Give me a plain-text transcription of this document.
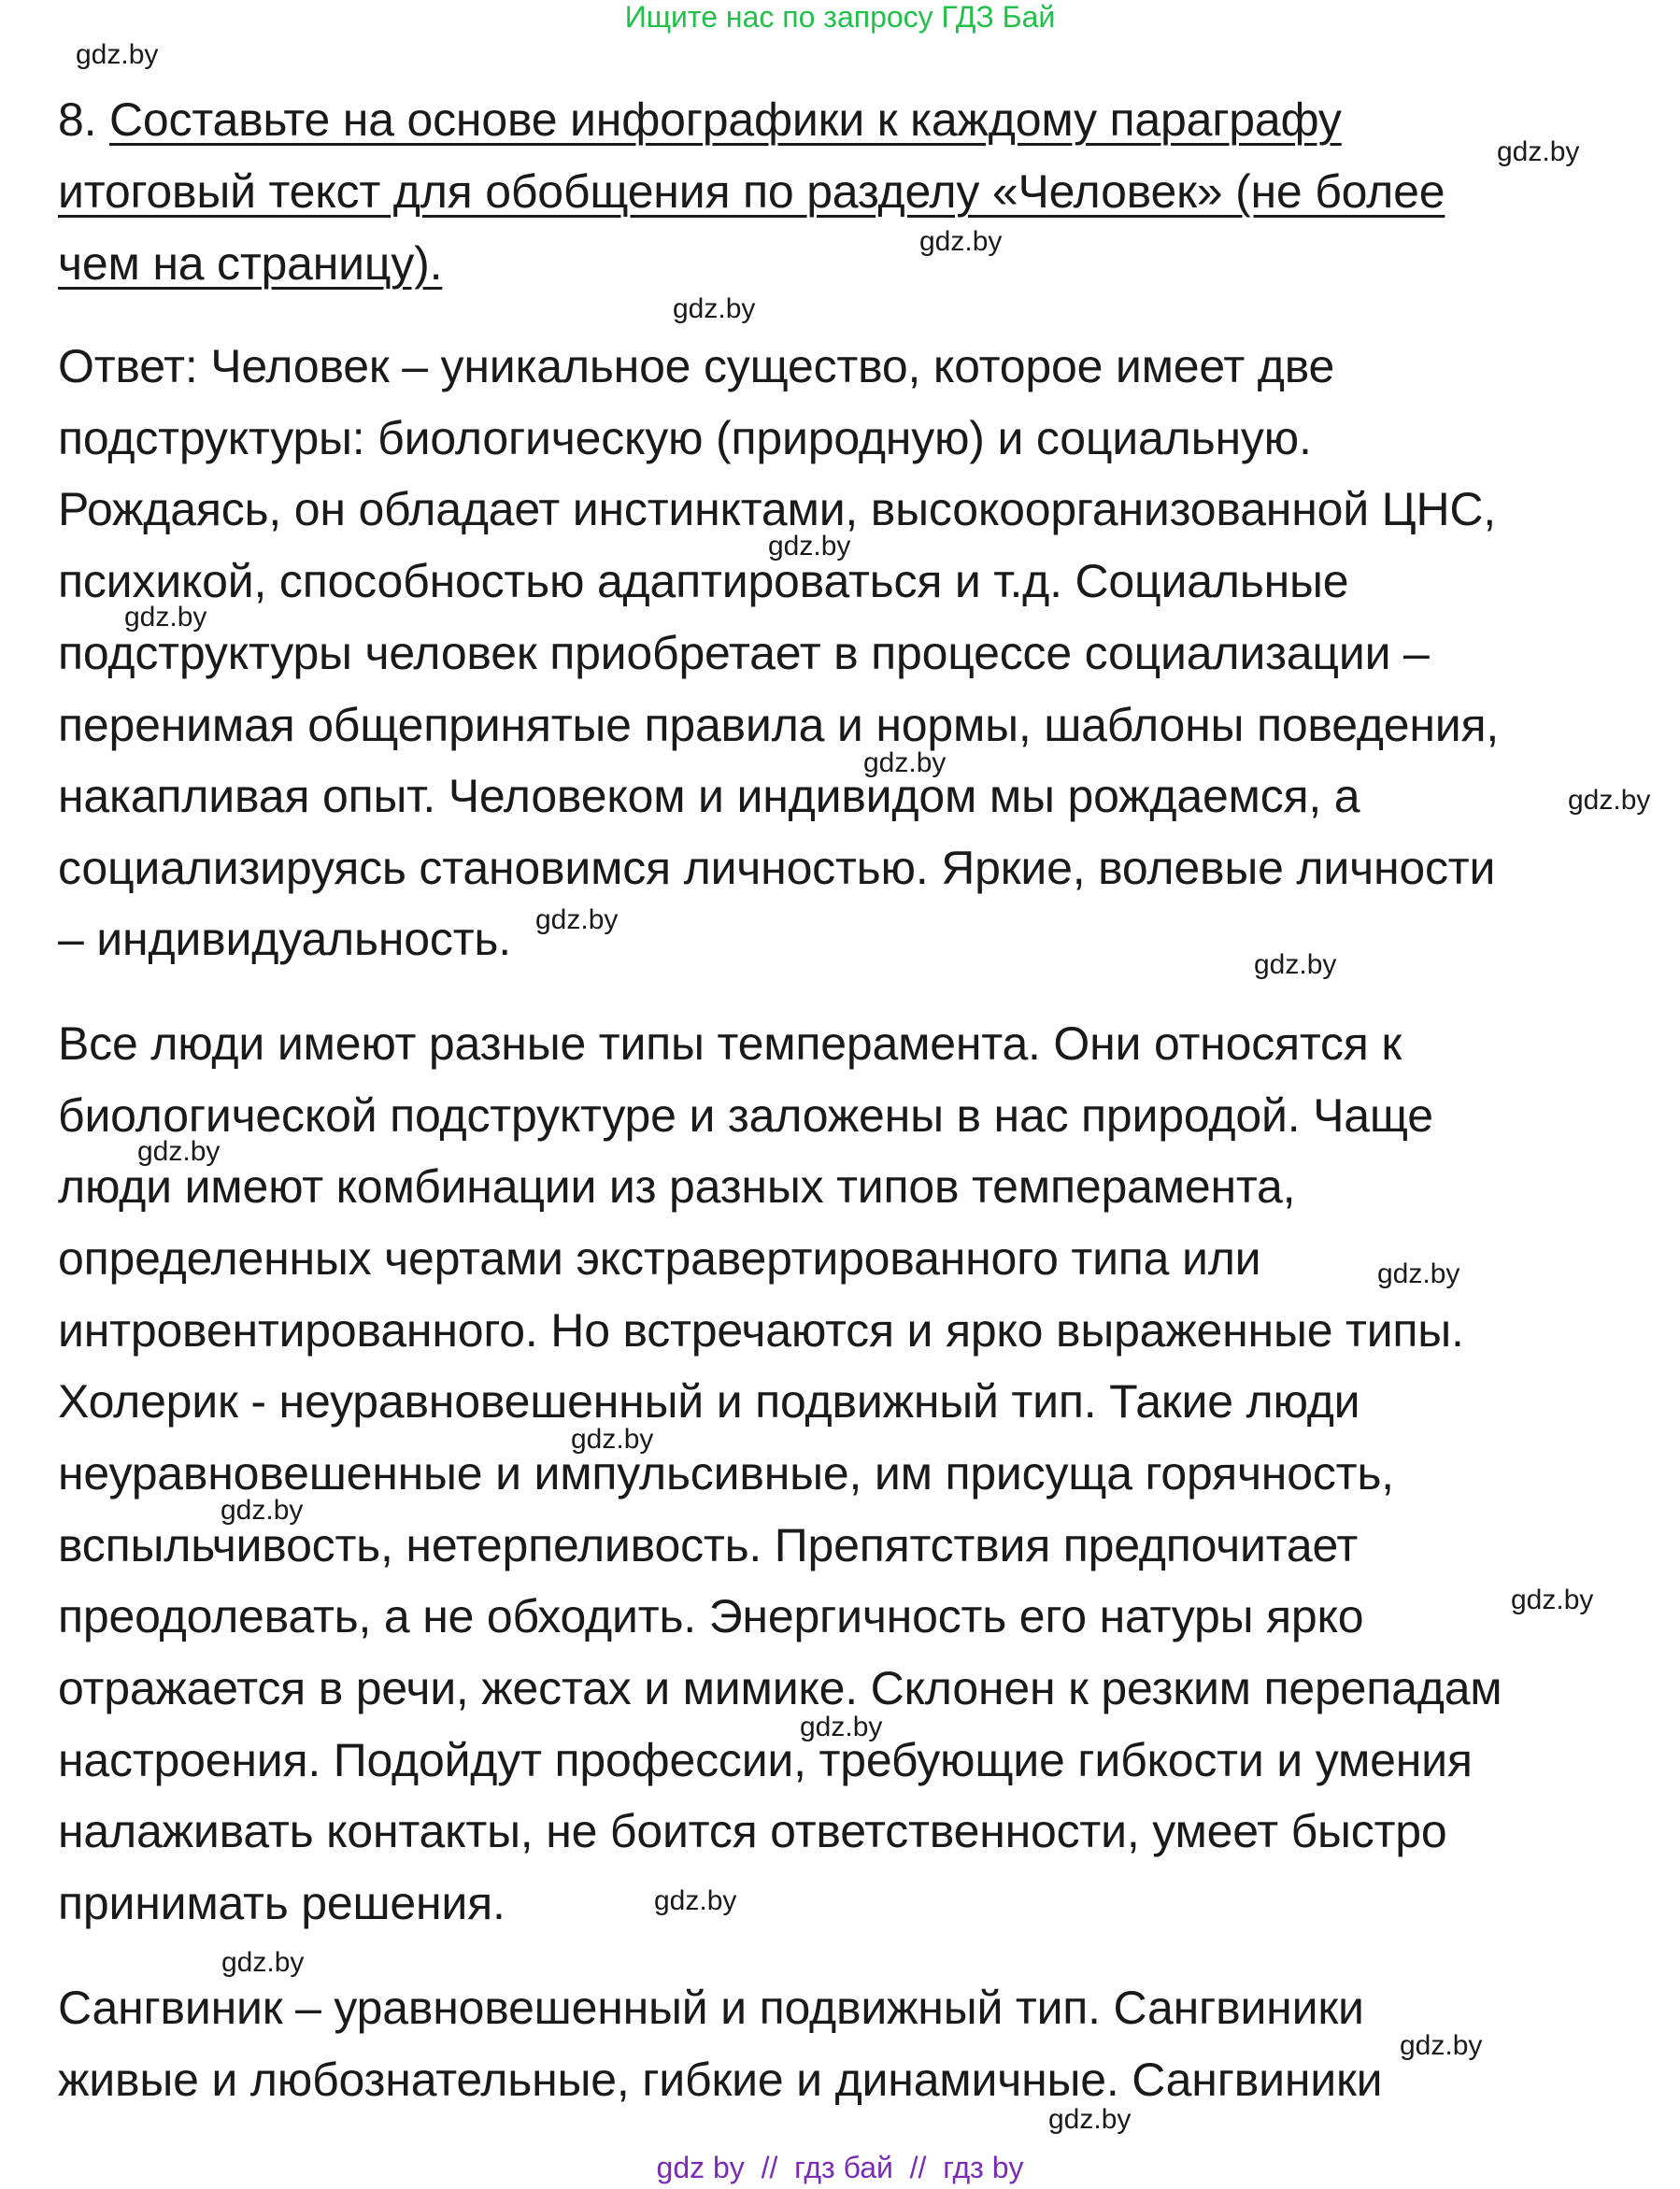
Ищите нас по запросу ГДЗ Бай
8. Составьте на основе инфографики к каждому параграфу
итоговый текст для обобщения по разделу «Человек» (не более
чем на страницу).
Ответ: Человек – уникальное существо, которое имеет две
подструктуры: биологическую (природную) и социальную.
Рождаясь, он обладает инстинктами, высокоорганизованной ЦНС,
психикой, способностью адаптироваться и т.д. Социальные
подструктуры человек приобретает в процессе социализации –
перенимая общепринятые правила и нормы, шаблоны поведения,
накапливая опыт. Человеком и индивидом мы рождаемся, а
социализируясь становимся личностью. Яркие, волевые личности
– индивидуальность.
Все люди имеют разные типы темперамента. Они относятся к
биологической подструктуре и заложены в нас природой. Чаще
люди имеют комбинации из разных типов темперамента,
определенных чертами экстравертированного типа или
интровентированного. Но встречаются и ярко выраженные типы.
Холерик - неуравновешенный и подвижный тип. Такие люди
неуравновешенные и импульсивные, им присуща горячность,
вспыльчивость, нетерпеливость. Препятствия предпочитает
преодолевать, а не обходить. Энергичность его натуры ярко
отражается в речи, жестах и мимике. Склонен к резким перепадам
настроения. Подойдут профессии, требующие гибкости и умения
налаживать контакты, не боится ответственности, умеет быстро
принимать решения.
Сангвиник – уравновешенный и подвижный тип. Сангвиники
живые и любознательные, гибкие и динамичные. Сангвиники
gdz.by
gdz.by
gdz.by
gdz.by
gdz.by
gdz.by
gdz.by
gdz.by
gdz.by
gdz.by
gdz.by
gdz.by
gdz.by
gdz.by
gdz.by
gdz.by
gdz.by
gdz.by
gdz.by
gdz.by
gdz by  //  гдз бай  //  гдз by
